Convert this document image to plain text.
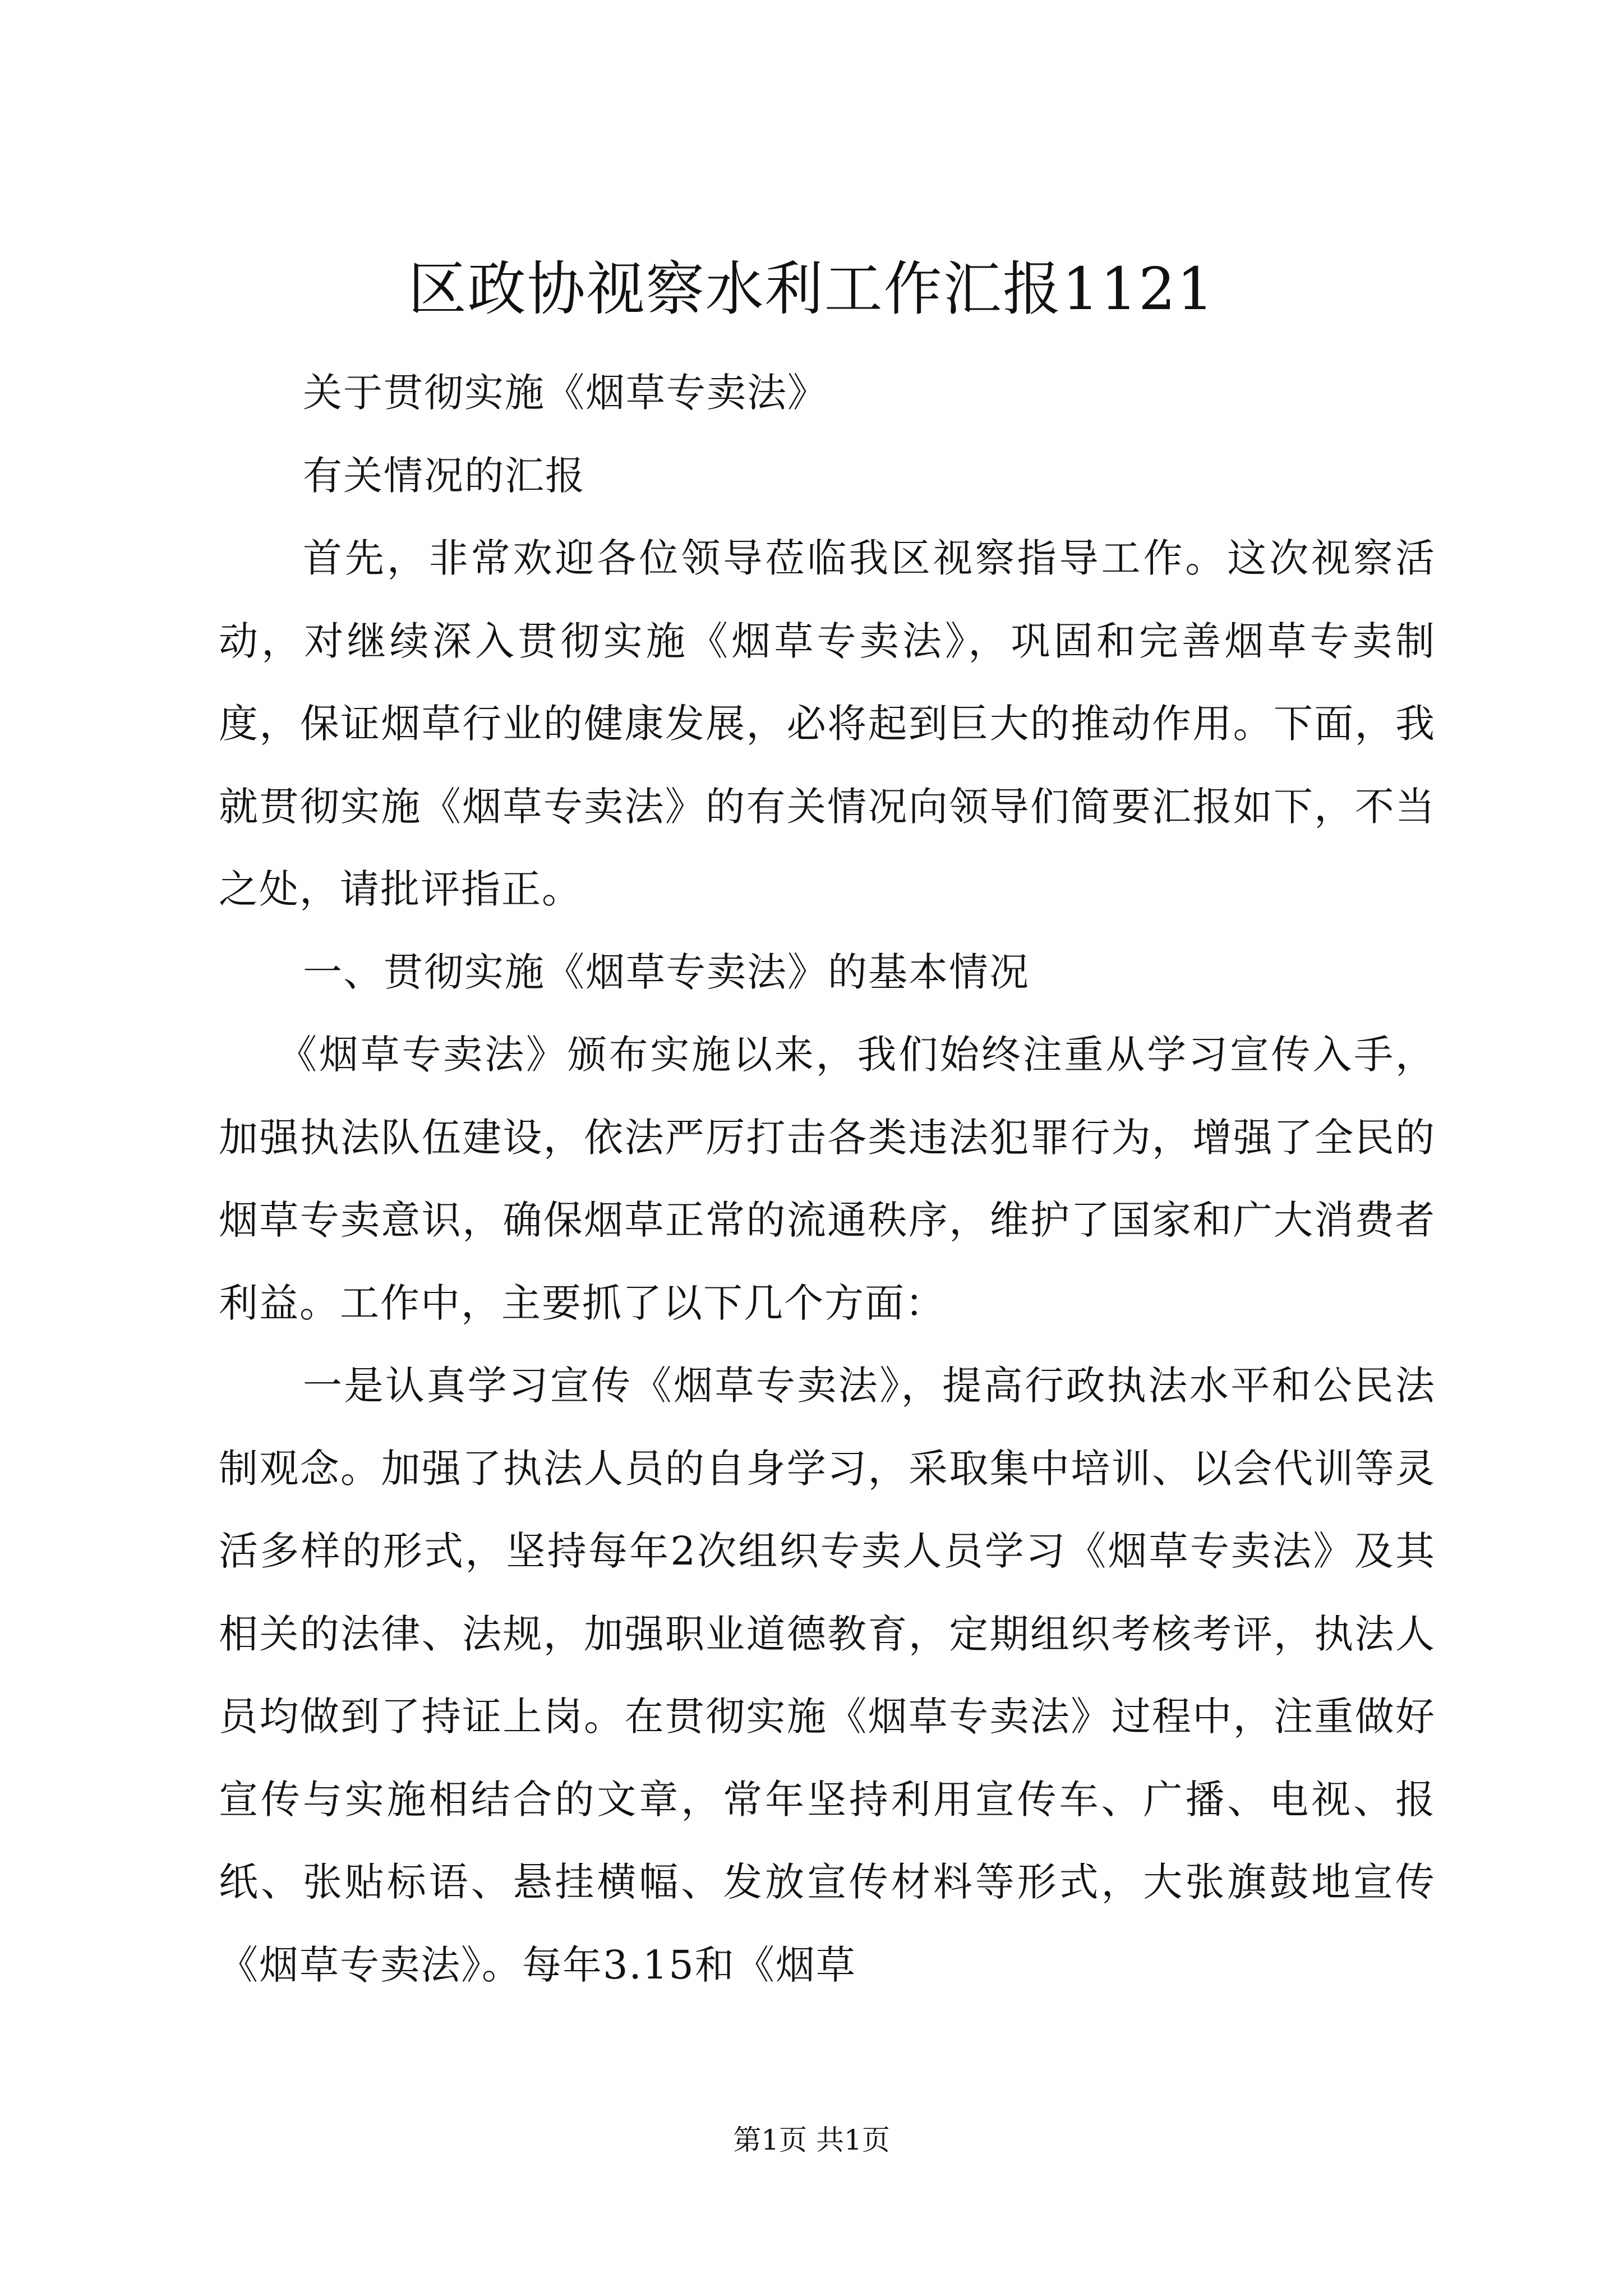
区政协视察水利工作汇报1121

关于贯彻实施《烟草专卖法》

有关情况的汇报

首先，非常欢迎各位领导莅临我区视察指导工作。这次视察活动，对继续深入贯彻实施《烟草专卖法》，巩固和完善烟草专卖制度，保证烟草行业的健康发展，必将起到巨大的推动作用。下面，我就贯彻实施《烟草专卖法》的有关情况向领导们简要汇报如下，不当之处，请批评指正。

一、贯彻实施《烟草专卖法》的基本情况

《烟草专卖法》颁布实施以来，我们始终注重从学习宣传入手，加强执法队伍建设，依法严厉打击各类违法犯罪行为，增强了全民的烟草专卖意识，确保烟草正常的流通秩序，维护了国家和广大消费者利益。工作中，主要抓了以下几个方面：

一是认真学习宣传《烟草专卖法》，提高行政执法水平和公民法制观念。加强了执法人员的自身学习，采取集中培训、以会代训等灵活多样的形式，坚持每年2次组织专卖人员学习《烟草专卖法》及其相关的法律、法规，加强职业道德教育，定期组织考核考评，执法人员均做到了持证上岗。在贯彻实施《烟草专卖法》过程中，注重做好宣传与实施相结合的文章，常年坚持利用宣传车、广播、电视、报纸、张贴标语、悬挂横幅、发放宣传材料等形式，大张旗鼓地宣传《烟草专卖法》。每年3.15和《烟草

第1页 共1页
